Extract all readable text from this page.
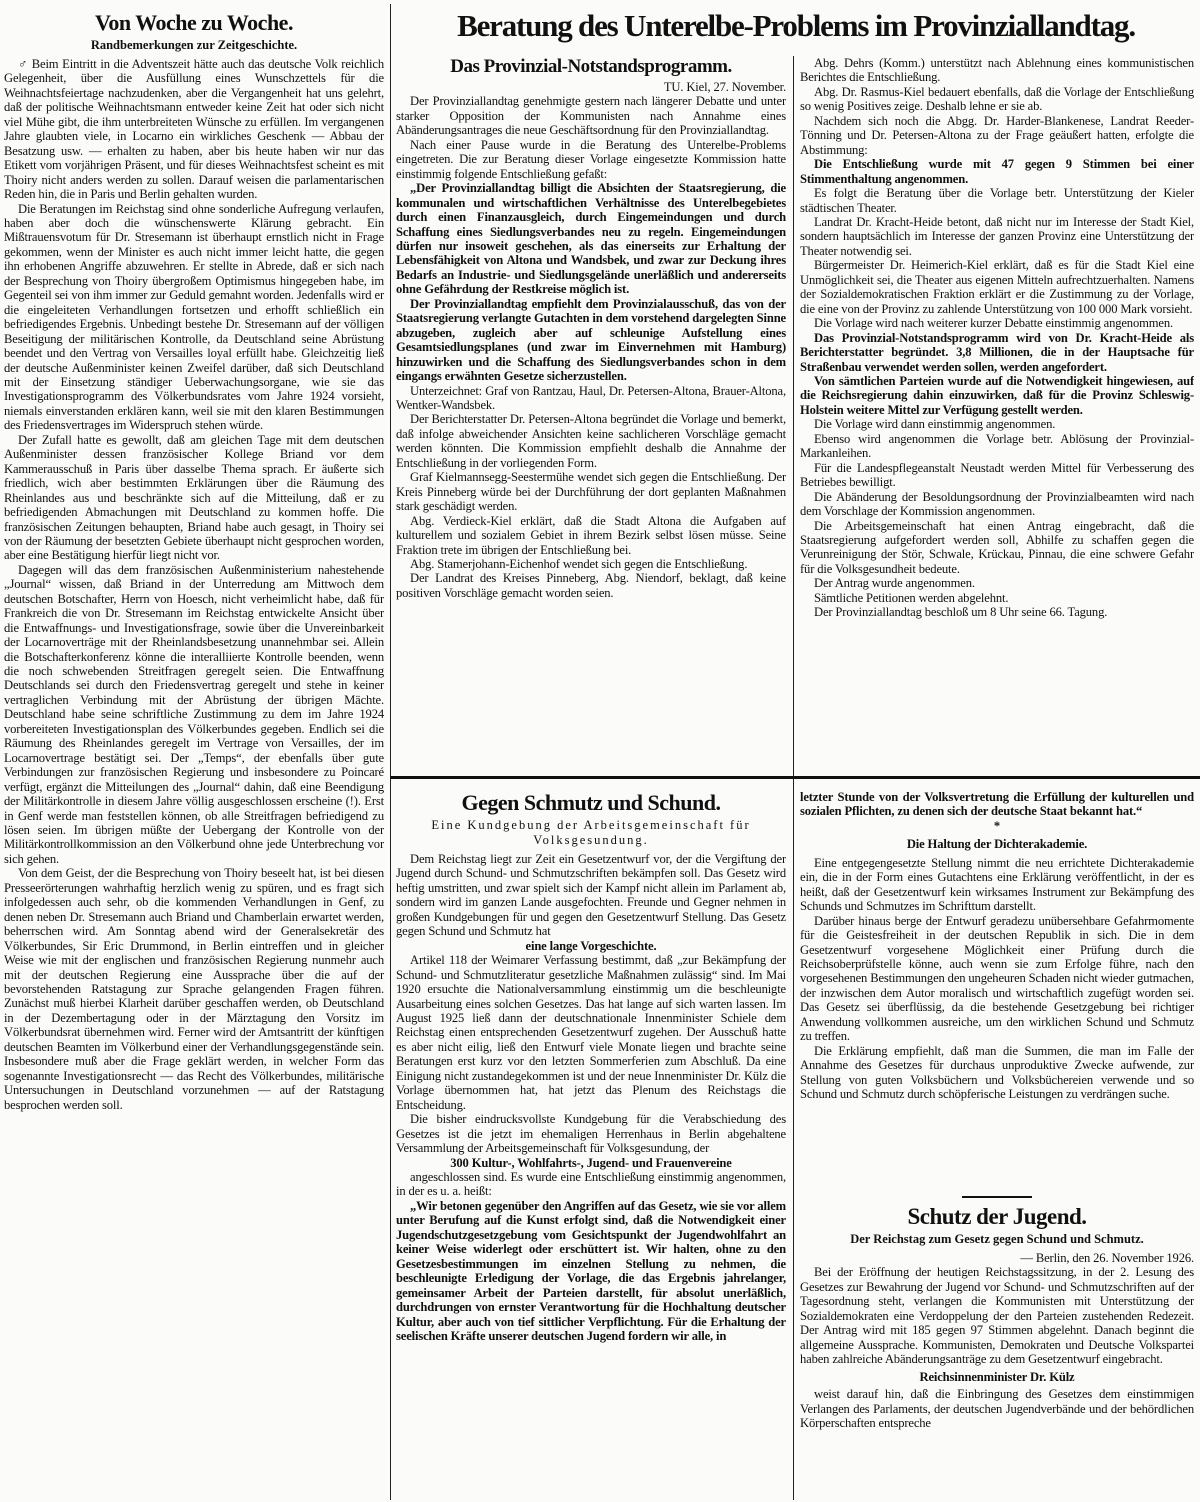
Von Woche zu Woche.
Randbemerkungen zur Zeitgeschichte.

♂ Beim Eintritt in die Adventszeit hätte auch das deutsche Volk reichlich Gelegenheit, über die Ausfüllung eines Wunschzettels für die Weihnachtsfeiertage nachzudenken, aber die Vergangenheit hat uns gelehrt, daß der politische Weihnachtsmann entweder keine Zeit hat oder sich nicht viel Mühe gibt, die ihm unterbreiteten Wünsche zu erfüllen. Im vergangenen Jahre glaubten viele, in Locarno ein wirkliches Geschenk — Abbau der Besatzung usw. — erhalten zu haben, aber bis heute haben wir nur das Etikett vom vorjährigen Präsent, und für dieses Weihnachtsfest scheint es mit Thoiry nicht anders werden zu sollen. Darauf weisen die parlamentarischen Reden hin, die in Paris und Berlin gehalten wurden.

Die Beratungen im Reichstag sind ohne sonderliche Aufregung verlaufen, haben aber doch die wünschenswerte Klärung gebracht. Ein Mißtrauensvotum für Dr. Stresemann ist überhaupt ernstlich nicht in Frage gekommen, wenn der Minister es auch nicht immer leicht hatte, die gegen ihn erhobenen Angriffe abzuwehren. Er stellte in Abrede, daß er sich nach der Besprechung von Thoiry übergroßem Optimismus hingegeben habe, im Gegenteil sei von ihm immer zur Geduld gemahnt worden. Jedenfalls wird er die eingeleiteten Verhandlungen fortsetzen und erhofft schließlich ein befriedigendes Ergebnis. Unbedingt bestehe Dr. Stresemann auf der völligen Beseitigung der militärischen Kontrolle, da Deutschland seine Abrüstung beendet und den Vertrag von Versailles loyal erfüllt habe. Gleichzeitig ließ der deutsche Außenminister keinen Zweifel darüber, daß sich Deutschland mit der Einsetzung ständiger Ueberwachungsorgane, wie sie das Investigationsprogramm des Völkerbundsrates vom Jahre 1924 vorsieht, niemals einverstanden erklären kann, weil sie mit den klaren Bestimmungen des Friedensvertrages im Widerspruch stehen würde.

Der Zufall hatte es gewollt, daß am gleichen Tage mit dem deutschen Außenminister dessen französischer Kollege Briand vor dem Kammerausschuß in Paris über dasselbe Thema sprach. Er äußerte sich friedlich, wich aber bestimmten Erklärungen über die Räumung des Rheinlandes aus und beschränkte sich auf die Mitteilung, daß er zu befriedigenden Abmachungen mit Deutschland zu kommen hoffe. Die französischen Zeitungen behaupten, Briand habe auch gesagt, in Thoiry sei von der Räumung der besetzten Gebiete überhaupt nicht gesprochen worden, aber eine Bestätigung hierfür liegt nicht vor.

Dagegen will das dem französischen Außenministerium nahestehende „Journal“ wissen, daß Briand in der Unterredung am Mittwoch dem deutschen Botschafter, Herrn von Hoesch, nicht verheimlicht habe, daß für Frankreich die von Dr. Stresemann im Reichstag entwickelte Ansicht über die Entwaffnungs- und Investigationsfrage, sowie über die Unvereinbarkeit der Locarnoverträge mit der Rheinlandsbesetzung unannehmbar sei. Allein die Botschafterkonferenz könne die interalliierte Kontrolle beenden, wenn die noch schwebenden Streitfragen geregelt seien. Die Entwaffnung Deutschlands sei durch den Friedensvertrag geregelt und stehe in keiner vertraglichen Verbindung mit der Abrüstung der übrigen Mächte. Deutschland habe seine schriftliche Zustimmung zu dem im Jahre 1924 vorbereiteten Investigationsplan des Völkerbundes gegeben. Endlich sei die Räumung des Rheinlandes geregelt im Vertrage von Versailles, der im Locarnovertrage bestätigt sei. Der „Temps“, der ebenfalls über gute Verbindungen zur französischen Regierung und insbesondere zu Poincaré verfügt, ergänzt die Mitteilungen des „Journal“ dahin, daß eine Beendigung der Militärkontrolle in diesem Jahre völlig ausgeschlossen erscheine (!). Erst in Genf werde man feststellen können, ob alle Streitfragen befriedigend zu lösen seien. Im übrigen müßte der Uebergang der Kontrolle von der Militärkontrollkommission an den Völkerbund ohne jede Unterbrechung vor sich gehen.

Von dem Geist, der die Besprechung von Thoiry beseelt hat, ist bei diesen Presseerörterungen wahrhaftig herzlich wenig zu spüren, und es fragt sich infolgedessen auch sehr, ob die kommenden Verhandlungen in Genf, zu denen neben Dr. Stresemann auch Briand und Chamberlain erwartet werden, beherrschen wird. Am Sonntag abend wird der Generalsekretär des Völkerbundes, Sir Eric Drummond, in Berlin eintreffen und in gleicher Weise wie mit der englischen und französischen Regierung nunmehr auch mit der deutschen Regierung eine Aussprache über die auf der bevorstehenden Ratstagung zur Sprache gelangenden Fragen führen. Zunächst muß hierbei Klarheit darüber geschaffen werden, ob Deutschland in der Dezembertagung oder in der Märztagung den Vorsitz im Völkerbundsrat übernehmen wird. Ferner wird der Amtsantritt der künftigen deutschen Beamten im Völkerbund einer der Verhandlungsgegenstände sein. Insbesondere muß aber die Frage geklärt werden, in welcher Form das sogenannte Investigationsrecht — das Recht des Völkerbundes, militärische Untersuchungen in Deutschland vorzunehmen — auf der Ratstagung besprochen werden soll.

Beratung des Unterelbe-Problems im Provinziallandtag.
Das Provinzial-Notstandsprogramm.

TU. Kiel, 27. November.

Der Provinziallandtag genehmigte gestern nach längerer Debatte und unter starker Opposition der Kommunisten nach Annahme eines Abänderungsantrages die neue Geschäftsordnung für den Provinziallandtag.

Nach einer Pause wurde in die Beratung des Unterelbe-Problems eingetreten. Die zur Beratung dieser Vorlage eingesetzte Kommission hatte einstimmig folgende Entschließung gefaßt:

„Der Provinziallandtag billigt die Absichten der Staatsregierung, die kommunalen und wirtschaftlichen Verhältnisse des Unterelbegebietes durch einen Finanzausgleich, durch Eingemeindungen und durch Schaffung eines Siedlungsverbandes neu zu regeln. Eingemeindungen dürfen nur insoweit geschehen, als das einerseits zur Erhaltung der Lebensfähigkeit von Altona und Wandsbek, und zwar zur Deckung ihres Bedarfs an Industrie- und Siedlungsgelände unerläßlich und andererseits ohne Gefährdung der Restkreise möglich ist.

Der Provinziallandtag empfiehlt dem Provinzialausschuß, das von der Staatsregierung verlangte Gutachten in dem vorstehend dargelegten Sinne abzugeben, zugleich aber auf schleunige Aufstellung eines Gesamtsiedlungsplanes (und zwar im Einvernehmen mit Hamburg) hinzuwirken und die Schaffung des Siedlungsverbandes schon in dem eingangs erwähnten Gesetze sicherzustellen.

Unterzeichnet: Graf von Rantzau, Haul, Dr. Petersen-Altona, Brauer-Altona, Wentker-Wandsbek.

Der Berichterstatter Dr. Petersen-Altona begründet die Vorlage und bemerkt, daß infolge abweichender Ansichten keine sachlicheren Vorschläge gemacht werden könnten. Die Kommission empfiehlt deshalb die Annahme der Entschließung in der vorliegenden Form.

Graf Kielmannsegg-Seestermühe wendet sich gegen die Entschließung. Der Kreis Pinneberg würde bei der Durchführung der dort geplanten Maßnahmen stark geschädigt werden.

Abg. Verdieck-Kiel erklärt, daß die Stadt Altona die Aufgaben auf kulturellem und sozialem Gebiet in ihrem Bezirk selbst lösen müsse. Seine Fraktion trete im übrigen der Entschließung bei.

Abg. Stamerjohann-Eichenhof wendet sich gegen die Entschließung.

Der Landrat des Kreises Pinneberg, Abg. Niendorf, beklagt, daß keine positiven Vorschläge gemacht worden seien.

Abg. Dehrs (Komm.) unterstützt nach Ablehnung eines kommunistischen Berichtes die Entschließung.

Abg. Dr. Rasmus-Kiel bedauert ebenfalls, daß die Vorlage der Entschließung so wenig Positives zeige. Deshalb lehne er sie ab.

Nachdem sich noch die Abgg. Dr. Harder-Blankenese, Landrat Reeder-Tönning und Dr. Petersen-Altona zu der Frage geäußert hatten, erfolgte die Abstimmung:

Die Entschließung wurde mit 47 gegen 9 Stimmen bei einer Stimmenthaltung angenommen.

Es folgt die Beratung über die Vorlage betr. Unterstützung der Kieler städtischen Theater.

Landrat Dr. Kracht-Heide betont, daß nicht nur im Interesse der Stadt Kiel, sondern hauptsächlich im Interesse der ganzen Provinz eine Unterstützung der Theater notwendig sei.

Bürgermeister Dr. Heimerich-Kiel erklärt, daß es für die Stadt Kiel eine Unmöglichkeit sei, die Theater aus eigenen Mitteln aufrechtzuerhalten. Namens der Sozialdemokratischen Fraktion erklärt er die Zustimmung zu der Vorlage, die eine von der Provinz zu zahlende Unterstützung von 100 000 Mark vorsieht.

Die Vorlage wird nach weiterer kurzer Debatte einstimmig angenommen.

Das Provinzial-Notstandsprogramm wird von Dr. Kracht-Heide als Berichterstatter begründet. 3,8 Millionen, die in der Hauptsache für Straßenbau verwendet werden sollen, werden angefordert.

Von sämtlichen Parteien wurde auf die Notwendigkeit hingewiesen, auf die Reichsregierung dahin einzuwirken, daß für die Provinz Schleswig-Holstein weitere Mittel zur Verfügung gestellt werden.

Die Vorlage wird dann einstimmig angenommen.

Ebenso wird angenommen die Vorlage betr. Ablösung der Provinzial-Markanleihen.

Für die Landespflegeanstalt Neustadt werden Mittel für Verbesserung des Betriebes bewilligt.

Die Abänderung der Besoldungsordnung der Provinzialbeamten wird nach dem Vorschlage der Kommission angenommen.

Die Arbeitsgemeinschaft hat einen Antrag eingebracht, daß die Staatsregierung aufgefordert werden soll, Abhilfe zu schaffen gegen die Verunreinigung der Stör, Schwale, Krückau, Pinnau, die eine schwere Gefahr für die Volksgesundheit bedeute.

Der Antrag wurde angenommen.

Sämtliche Petitionen werden abgelehnt.

Der Provinziallandtag beschloß um 8 Uhr seine 66. Tagung.

Gegen Schmutz und Schund.
Eine Kundgebung der Arbeitsgemeinschaft für Volksgesundung.

Dem Reichstag liegt zur Zeit ein Gesetzentwurf vor, der die Vergiftung der Jugend durch Schund- und Schmutzschriften bekämpfen soll. Das Gesetz wird heftig umstritten, und zwar spielt sich der Kampf nicht allein im Parlament ab, sondern wird im ganzen Lande ausgefochten. Freunde und Gegner nehmen in großen Kundgebungen für und gegen den Gesetzentwurf Stellung. Das Gesetz gegen Schund und Schmutz hat

eine lange Vorgeschichte.

Artikel 118 der Weimarer Verfassung bestimmt, daß „zur Bekämpfung der Schund- und Schmutzliteratur gesetzliche Maßnahmen zulässig“ sind. Im Mai 1920 ersuchte die Nationalversammlung einstimmig um die beschleunigte Ausarbeitung eines solchen Gesetzes. Das hat lange auf sich warten lassen. Im August 1925 ließ dann der deutschnationale Innenminister Schiele dem Reichstag einen entsprechenden Gesetzentwurf zugehen. Der Ausschuß hatte es aber nicht eilig, ließ den Entwurf viele Monate liegen und brachte seine Beratungen erst kurz vor den letzten Sommerferien zum Abschluß. Da eine Einigung nicht zustandegekommen ist und der neue Innenminister Dr. Külz die Vorlage übernommen hat, hat jetzt das Plenum des Reichstags die Entscheidung.

Die bisher eindrucksvollste Kundgebung für die Verabschiedung des Gesetzes ist die jetzt im ehemaligen Herrenhaus in Berlin abgehaltene Versammlung der Arbeitsgemeinschaft für Volksgesundung, der

300 Kultur-, Wohlfahrts-, Jugend- und Frauenvereine

angeschlossen sind. Es wurde eine Entschließung einstimmig angenommen, in der es u. a. heißt:

„Wir betonen gegenüber den Angriffen auf das Gesetz, wie sie vor allem unter Berufung auf die Kunst erfolgt sind, daß die Notwendigkeit einer Jugendschutzgesetzgebung vom Gesichtspunkt der Jugendwohlfahrt an keiner Weise widerlegt oder erschüttert ist. Wir halten, ohne zu den Gesetzesbestimmungen im einzelnen Stellung zu nehmen, die beschleunigte Erledigung der Vorlage, die das Ergebnis jahrelanger, gemeinsamer Arbeit der Parteien darstellt, für absolut unerläßlich, durchdrungen von ernster Verantwortung für die Hochhaltung deutscher Kultur, aber auch von tief sittlicher Verpflichtung. Für die Erhaltung der seelischen Kräfte unserer deutschen Jugend fordern wir alle, in

letzter Stunde von der Volksvertretung die Erfüllung der kulturellen und sozialen Pflichten, zu denen sich der deutsche Staat bekannt hat.“

*

Die Haltung der Dichterakademie.

Eine entgegengesetzte Stellung nimmt die neu errichtete Dichterakademie ein, die in der Form eines Gutachtens eine Erklärung veröffentlicht, in der es heißt, daß der Gesetzentwurf kein wirksames Instrument zur Bekämpfung des Schunds und Schmutzes im Schrifttum darstellt.

Darüber hinaus berge der Entwurf geradezu unübersehbare Gefahrmomente für die Geistesfreiheit in der deutschen Republik in sich. Die in dem Gesetzentwurf vorgesehene Möglichkeit einer Prüfung durch die Reichsoberprüfstelle könne, auch wenn sie zum Erfolge führe, nach den vorgesehenen Bestimmungen den ungeheuren Schaden nicht wieder gutmachen, der inzwischen dem Autor moralisch und wirtschaftlich zugefügt worden sei. Das Gesetz sei überflüssig, da die bestehende Gesetzgebung bei richtiger Anwendung vollkommen ausreiche, um den wirklichen Schund und Schmutz zu treffen.

Die Erklärung empfiehlt, daß man die Summen, die man im Falle der Annahme des Gesetzes für durchaus unproduktive Zwecke aufwende, zur Stellung von guten Volksbüchern und Volksbüchereien verwende und so Schund und Schmutz durch schöpferische Leistungen zu verdrängen suche.

Schutz der Jugend.
Der Reichstag zum Gesetz gegen Schund und Schmutz.

— Berlin, den 26. November 1926.

Bei der Eröffnung der heutigen Reichstagssitzung, in der 2. Lesung des Gesetzes zur Bewahrung der Jugend vor Schund- und Schmutzschriften auf der Tagesordnung steht, verlangen die Kommunisten mit Unterstützung der Sozialdemokraten eine Verdoppelung der den Parteien zustehenden Redezeit. Der Antrag wird mit 185 gegen 97 Stimmen abgelehnt. Danach beginnt die allgemeine Aussprache. Kommunisten, Demokraten und Deutsche Volkspartei haben zahlreiche Abänderungsanträge zu dem Gesetzentwurf eingebracht.

Reichsinnenminister Dr. Külz

weist darauf hin, daß die Einbringung des Gesetzes dem einstimmigen Verlangen des Parlaments, der deutschen Jugendverbände und der behördlichen Körperschaften entspreche
